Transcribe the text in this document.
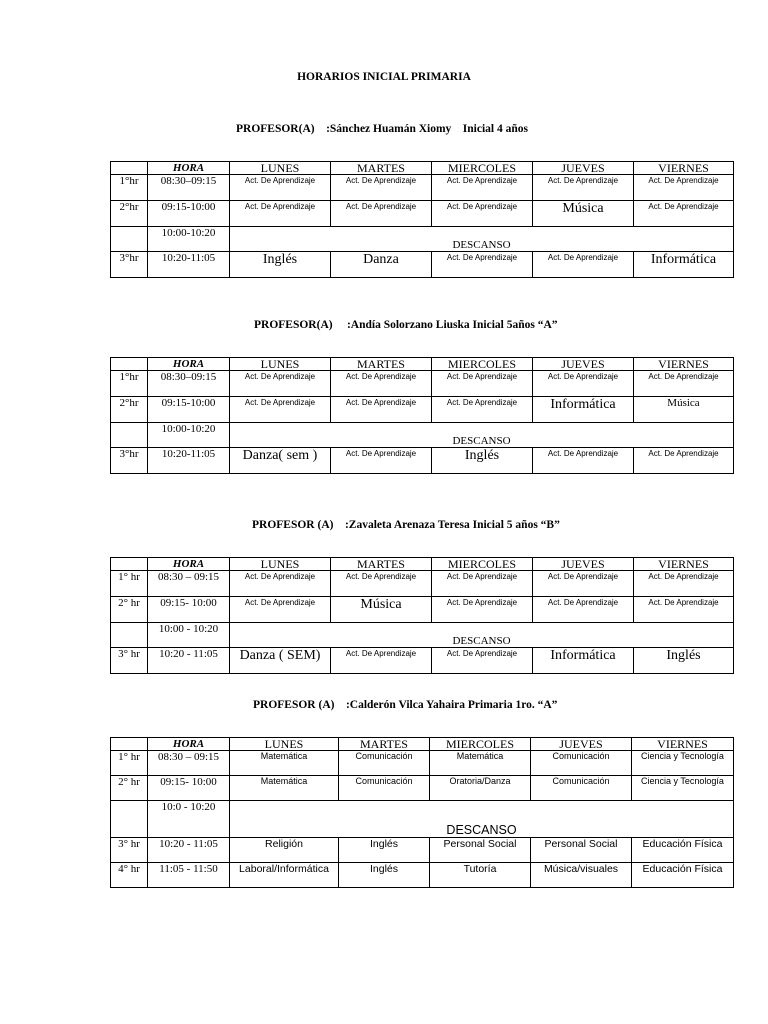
HORARIOS INICIAL PRIMARIA
PROFESOR(A)    :Sánchez Huamán Xiomy    Inicial 4 años
	HORA	LUNES	MARTES	MIERCOLES	JUEVES	VIERNES
1°hr	08:30–09:15	Act. De Aprendizaje	Act. De Aprendizaje	Act. De Aprendizaje	Act. De Aprendizaje	Act. De Aprendizaje
2°hr	09:15-10:00	Act. De Aprendizaje	Act. De Aprendizaje	Act. De Aprendizaje	Música	Act. De Aprendizaje
	10:00-10:20	DESCANSO				
3°hr	10:20-11:05	Inglés	Danza	Act. De Aprendizaje	Act. De Aprendizaje	Informática
PROFESOR(A)     :Andía Solorzano Liuska Inicial 5años “A”
	HORA	LUNES	MARTES	MIERCOLES	JUEVES	VIERNES
1°hr	08:30–09:15	Act. De Aprendizaje	Act. De Aprendizaje	Act. De Aprendizaje	Act. De Aprendizaje	Act. De Aprendizaje
2°hr	09:15-10:00	Act. De Aprendizaje	Act. De Aprendizaje	Act. De Aprendizaje	Informática	Música
	10:00-10:20	DESCANSO				
3°hr	10:20-11:05	Danza( sem )	Act. De Aprendizaje	Inglés	Act. De Aprendizaje	Act. De Aprendizaje
PROFESOR (A)    :Zavaleta Arenaza Teresa Inicial 5 años “B”
	HORA	LUNES	MARTES	MIERCOLES	JUEVES	VIERNES
1° hr	08:30 – 09:15	Act. De Aprendizaje	Act. De Aprendizaje	Act. De Aprendizaje	Act. De Aprendizaje	Act. De Aprendizaje
2° hr	09:15- 10:00	Act. De Aprendizaje	Música	Act. De Aprendizaje	Act. De Aprendizaje	Act. De Aprendizaje
	10:00 - 10:20	DESCANSO				
3° hr	10:20 - 11:05	Danza ( SEM)	Act. De Aprendizaje	Act. De Aprendizaje	Informática	Inglés
PROFESOR (A)    :Calderón Vilca Yahaira Primaria 1ro. “A”
	HORA	LUNES	MARTES	MIERCOLES	JUEVES	VIERNES
1° hr	08:30 – 09:15	Matemática	Comunicación	Matemática	Comunicación	Ciencia y Tecnología
2° hr	09:15- 10:00	Matemática	Comunicación	Oratoria/Danza	Comunicación	Ciencia y Tecnología
	10:0 - 10:20	DESCANSO				
3° hr	10:20 - 11:05	Religión	Inglés	Personal Social	Personal Social	Educación Física
4° hr	11:05 - 11:50	Laboral/Informática	Inglés	Tutoría	Música/visuales	Educación Física
